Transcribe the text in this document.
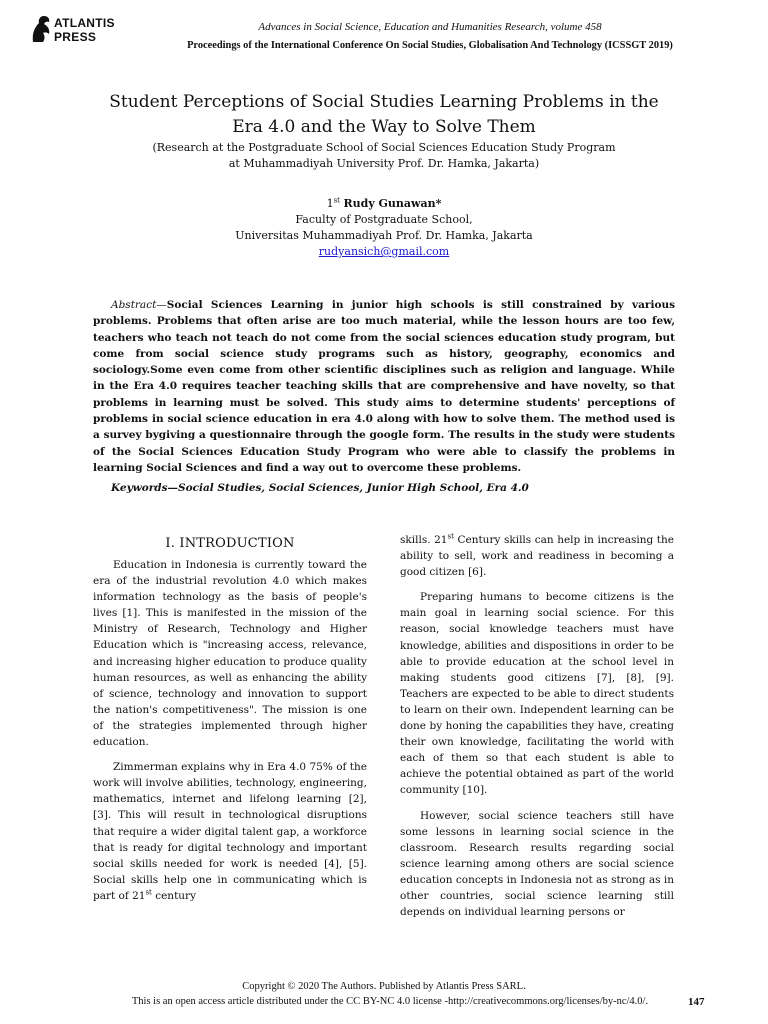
ATLANTIS
PRESS
Advances in Social Science, Education and Humanities Research, volume 458
Proceedings of the International Conference On Social Studies, Globalisation And Technology (ICSSGT 2019)
Student Perceptions of Social Studies Learning Problems in the
Era 4.0 and the Way to Solve Them
(Research at the Postgraduate School of Social Sciences Education Study Program
at Muhammadiyah University Prof. Dr. Hamka, Jakarta)
1st Rudy Gunawan*
Faculty of Postgraduate School,
Universitas Muhammadiyah Prof. Dr. Hamka, Jakarta
rudyansich@gmail.com

Abstract—Social Sciences Learning in junior high schools is still constrained by various problems. Problems that often arise are too much material, while the lesson hours are too few, teachers who teach not teach do not come from the social sciences education study program, but come from social science study programs such as history, geography, economics and sociology.Some even come from other scientific disciplines such as religion and language. While in the Era 4.0 requires teacher teaching skills that are comprehensive and have novelty, so that problems in learning must be solved. This study aims to determine students' perceptions of problems in social science education in era 4.0 along with how to solve them. The method used is a survey bygiving a questionnaire through the google form. The results in the study were students of the Social Sciences Education Study Program who were able to classify the problems in learning Social Sciences and find a way out to overcome these problems.

Keywords—Social Studies, Social Sciences, Junior High School, Era 4.0

I. INTRODUCTION

Education in Indonesia is currently toward the era of the industrial revolution 4.0 which makes information technology as the basis of people's lives [1]. This is manifested in the mission of the Ministry of Research, Technology and Higher Education which is "increasing access, relevance, and increasing higher education to produce quality human resources, as well as enhancing the ability of science, technology and innovation to support the nation's competitiveness". The mission is one of the strategies implemented through higher education.

Zimmerman explains why in Era 4.0 75% of the work will involve abilities, technology, engineering, mathematics, internet and lifelong learning [2], [3]. This will result in technological disruptions that require a wider digital talent gap, a workforce that is ready for digital technology and important social skills needed for work is needed [4], [5]. Social skills help one in communicating which is part of 21st century

skills. 21st Century skills can help in increasing the ability to sell, work and readiness in becoming a good citizen [6].

Preparing humans to become citizens is the main goal in learning social science. For this reason, social knowledge teachers must have knowledge, abilities and dispositions in order to be able to provide education at the school level in making students good citizens [7], [8], [9]. Teachers are expected to be able to direct students to learn on their own. Independent learning can be done by honing the capabilities they have, creating their own knowledge, facilitating the world with each of them so that each student is able to achieve the potential obtained as part of the world community [10].

However, social science teachers still have some lessons in learning social science in the classroom. Research results regarding social science learning among others are social science education concepts in Indonesia not as strong as in other countries, social science learning still depends on individual learning persons or

Copyright © 2020 The Authors. Published by Atlantis Press SARL.
This is an open access article distributed under the CC BY-NC 4.0 license -http://creativecommons.org/licenses/by-nc/4.0/.	147
